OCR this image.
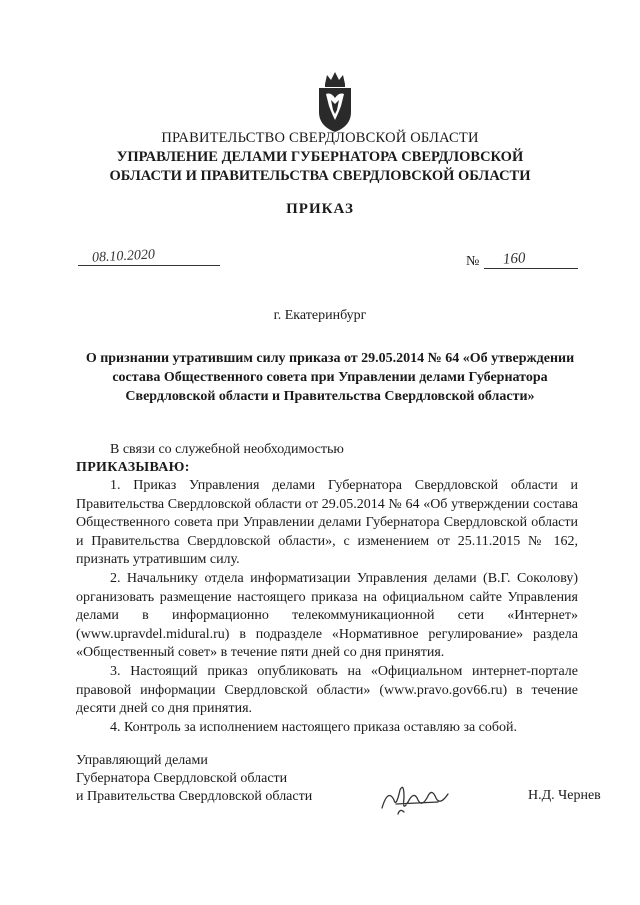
ПРАВИТЕЛЬСТВО СВЕРДЛОВСКОЙ ОБЛАСТИ
УПРАВЛЕНИЕ ДЕЛАМИ ГУБЕРНАТОРА СВЕРДЛОВСКОЙ
ОБЛАСТИ И ПРАВИТЕЛЬСТВА СВЕРДЛОВСКОЙ ОБЛАСТИ
ПРИКАЗ
08.10.2020	№ 160
г. Екатеринбург
О признании утратившим силу приказа от 29.05.2014 № 64 «Об утверждении состава Общественного совета при Управлении делами Губернатора Свердловской области и Правительства Свердловской области»
В связи со служебной необходимостью
ПРИКАЗЫВАЮ:

1. Приказ Управления делами Губернатора Свердловской области и Правительства Свердловской области от 29.05.2014 № 64 «Об утверждении состава Общественного совета при Управлении делами Губернатора Свердловской области и Правительства Свердловской области», с изменением от 25.11.2015 № 162, признать утратившим силу.

2. Начальнику отдела информатизации Управления делами (В.Г. Соколову) организовать размещение настоящего приказа на официальном сайте Управления делами в информационно телекоммуникационной сети «Интернет» (www.upravdel.midural.ru) в подразделе «Нормативное регулирование» раздела «Общественный совет» в течение пяти дней со дня принятия.

3. Настоящий приказ опубликовать на «Официальном интернет-портале правовой информации Свердловской области» (www.pravo.gov66.ru) в течение десяти дней со дня принятия.

4. Контроль за исполнением настоящего приказа оставляю за собой.

Управляющий делами
Губернатора Свердловской области
и Правительства Свердловской области	Н.Д. Чернев
